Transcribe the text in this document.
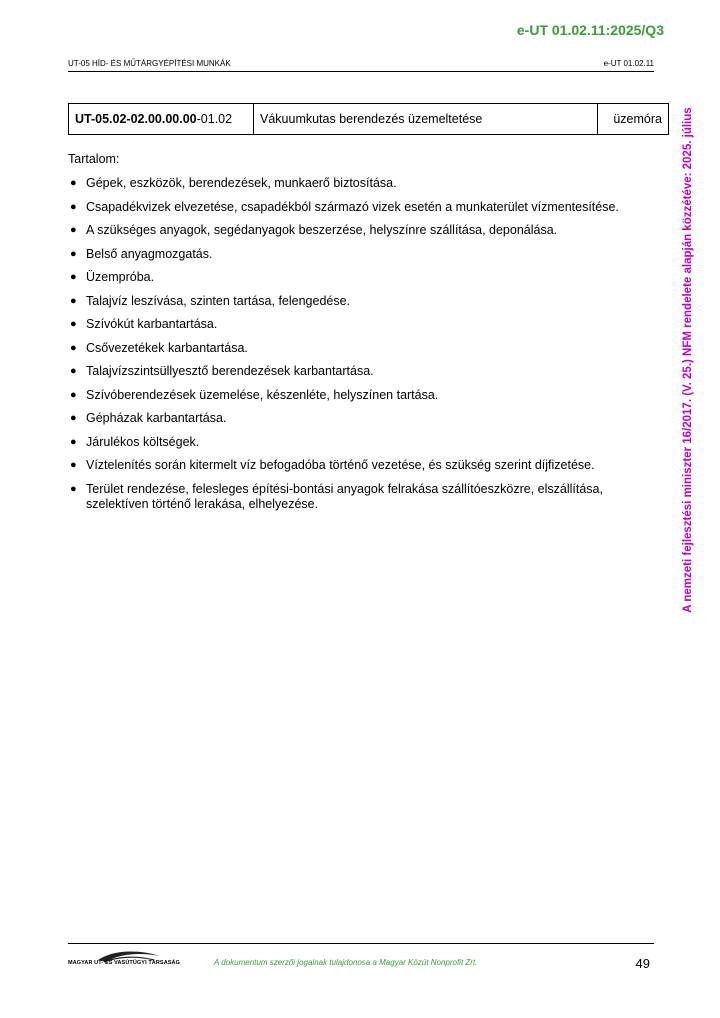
e-UT 01.02.11:2025/Q3
UT-05 HÍD- ÉS MŰTÁRGYÉPÍTÉSI MUNKÁK	e-UT 01.02.11
A nemzeti fejlesztési miniszter 16/2017. (V. 25.) NFM rendelete alapján közzétéve: 2025. július
UT-05.02-02.00.00.00-01.02	Vákuumkutas berendezés üzemeltetése	üzemóra
Tartalom:
● Gépek, eszközök, berendezések, munkaerő biztosítása.
● Csapadékvizek elvezetése, csapadékból származó vizek esetén a munkaterület vízmentesítése.
● A szükséges anyagok, segédanyagok beszerzése, helyszínre szállítása, deponálása.
● Belső anyagmozgatás.
● Üzempróba.
● Talajvíz leszívása, szinten tartása, felengedése.
● Szívókút karbantartása.
● Csővezetékek karbantartása.
● Talajvízszintsüllyesztő berendezések karbantartása.
● Szívóberendezések üzemelése, készenléte, helyszínen tartása.
● Gépházak karbantartása.
● Járulékos költségek.
● Víztelenítés során kitermelt víz befogadóba történő vezetése, és szükség szerint díjfizetése.
● Terület rendezése, felesleges építési-bontási anyagok felrakása szállítóeszközre, elszállítása, szelektíven történő lerakása, elhelyezése.
MAGYAR UT- ÉS VASÚTÜGYI TÁRSASÁG	A dokumentum szerzői jogainak tulajdonosa a Magyar Közút Nonprofit Zrt.	49
